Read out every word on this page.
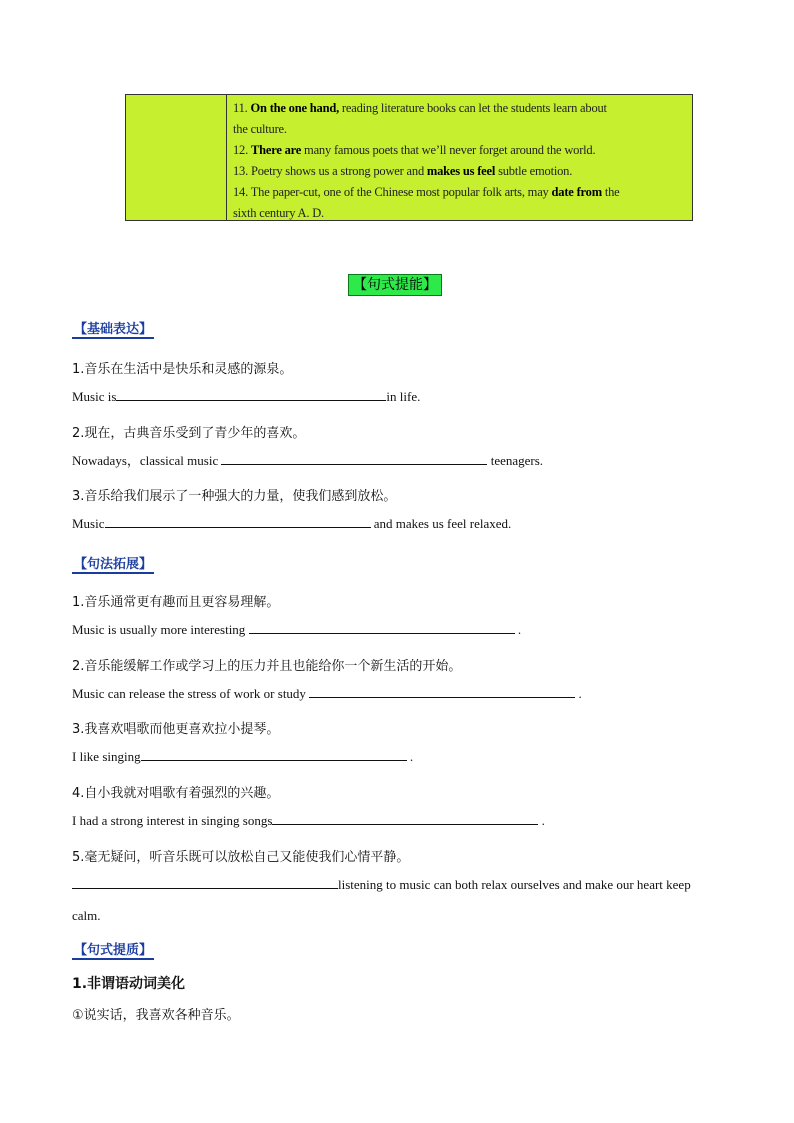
11. On the one hand, reading literature books can let the students learn about

the culture.

12. There are many famous poets that we’ll never forget around the world.

13. Poetry shows us a strong power and makes us feel subtle emotion.

14. The paper-cut, one of the Chinese most popular folk arts, may date from the

sixth century A. D.

【句式提能】
【基础表达】
1.音乐在生活中是快乐和灵感的源泉。
Music is	in life.
2.现在，古典音乐受到了青少年的喜欢。
Nowadays，classical music	teenagers.
3.音乐给我们展示了一种强大的力量，使我们感到放松。
Music	and makes us feel relaxed.
【句法拓展】
1.音乐通常更有趣而且更容易理解。
Music is usually more interesting	.
2.音乐能缓解工作或学习上的压力并且也能给你一个新生活的开始。
Music can release the stress of work or study	.
3.我喜欢唱歌而他更喜欢拉小提琴。
I like singing	.
4.自小我就对唱歌有着强烈的兴趣。
I had a strong interest in singing songs	.
5.毫无疑问，听音乐既可以放松自己又能使我们心情平静。
listening to music can both relax ourselves and make our heart keep
calm.
【句式提质】
1.非谓语动词美化
①说实话，我喜欢各种音乐。
